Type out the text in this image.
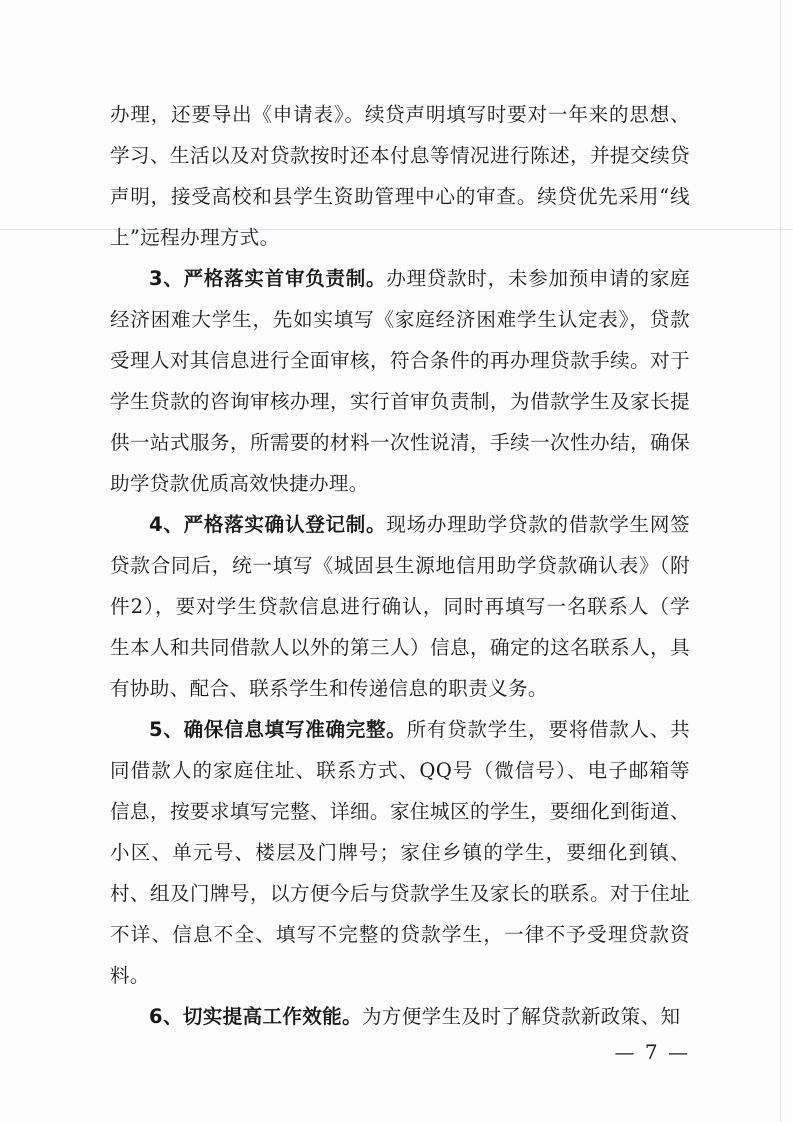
办理，还要导出《申请表》。续贷声明填写时要对一年来的思想、学习、生活以及对贷款按时还本付息等情况进行陈述，并提交续贷声明，接受高校和县学生资助管理中心的审查。续贷优先采用“线上”远程办理方式。

3、严格落实首审负责制。办理贷款时，未参加预申请的家庭经济困难大学生，先如实填写《家庭经济困难学生认定表》，贷款受理人对其信息进行全面审核，符合条件的再办理贷款手续。对于学生贷款的咨询审核办理，实行首审负责制，为借款学生及家长提供一站式服务，所需要的材料一次性说清，手续一次性办结，确保助学贷款优质高效快捷办理。

4、严格落实确认登记制。现场办理助学贷款的借款学生网签贷款合同后，统一填写《城固县生源地信用助学贷款确认表》（附件2），要对学生贷款信息进行确认，同时再填写一名联系人（学生本人和共同借款人以外的第三人）信息，确定的这名联系人，具有协助、配合、联系学生和传递信息的职责义务。

5、确保信息填写准确完整。所有贷款学生，要将借款人、共同借款人的家庭住址、联系方式、QQ号（微信号）、电子邮箱等信息，按要求填写完整、详细。家住城区的学生，要细化到街道、小区、单元号、楼层及门牌号；家住乡镇的学生，要细化到镇、村、组及门牌号，以方便今后与贷款学生及家长的联系。对于住址不详、信息不全、填写不完整的贷款学生，一律不予受理贷款资料。

6、切实提高工作效能。为方便学生及时了解贷款新政策、知

— 7 —
